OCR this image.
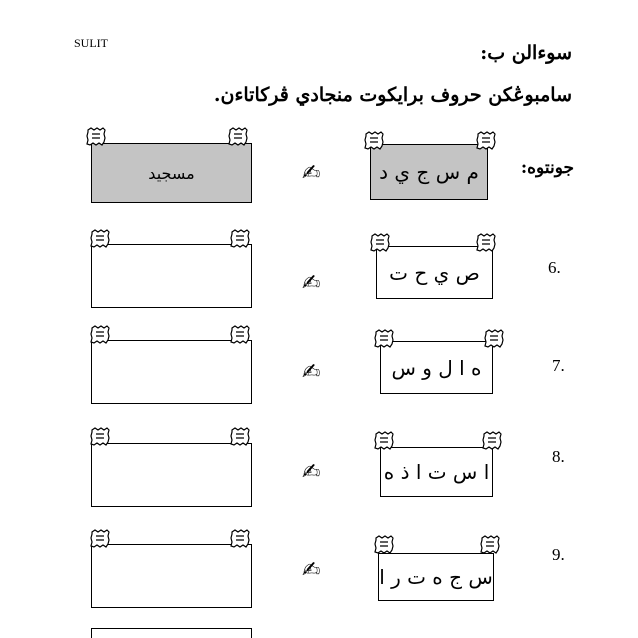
SULIT	سوءالن ب:
سامبوڠكن حروف برايكوت منجادي ڤركاتاءن.
جونتوه:
م س ج ي د
✍
مسجيد
6.
ص ي ح ت
✍
7.
ه ا ل و س
✍
8.
ا س ت ا ذ ه
✍
9.
س ج ه ت ر ا
✍
